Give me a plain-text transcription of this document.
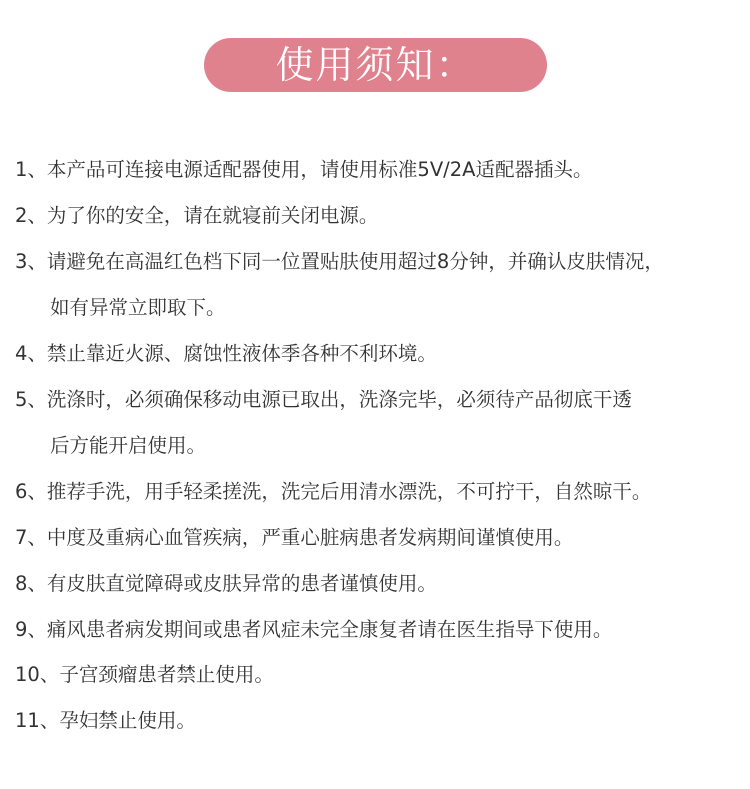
使用须知：
1、本产品可连接电源适配器使用，请使用标准5V/2A适配器插头。
2、为了你的安全，请在就寝前关闭电源。
3、请避免在高温红色档下同一位置贴肤使用超过8分钟，并确认皮肤情况，
如有异常立即取下。
4、禁止靠近火源、腐蚀性液体季各种不利环境。
5、洗涤时，必须确保移动电源已取出，洗涤完毕，必须待产品彻底干透
后方能开启使用。
6、推荐手洗，用手轻柔搓洗，洗完后用清水漂洗，不可拧干，自然晾干。
7、中度及重病心血管疾病，严重心脏病患者发病期间谨慎使用。
8、有皮肤直觉障碍或皮肤异常的患者谨慎使用。
9、痛风患者病发期间或患者风症未完全康复者请在医生指导下使用。
10、子宫颈瘤患者禁止使用。
11、孕妇禁止使用。
